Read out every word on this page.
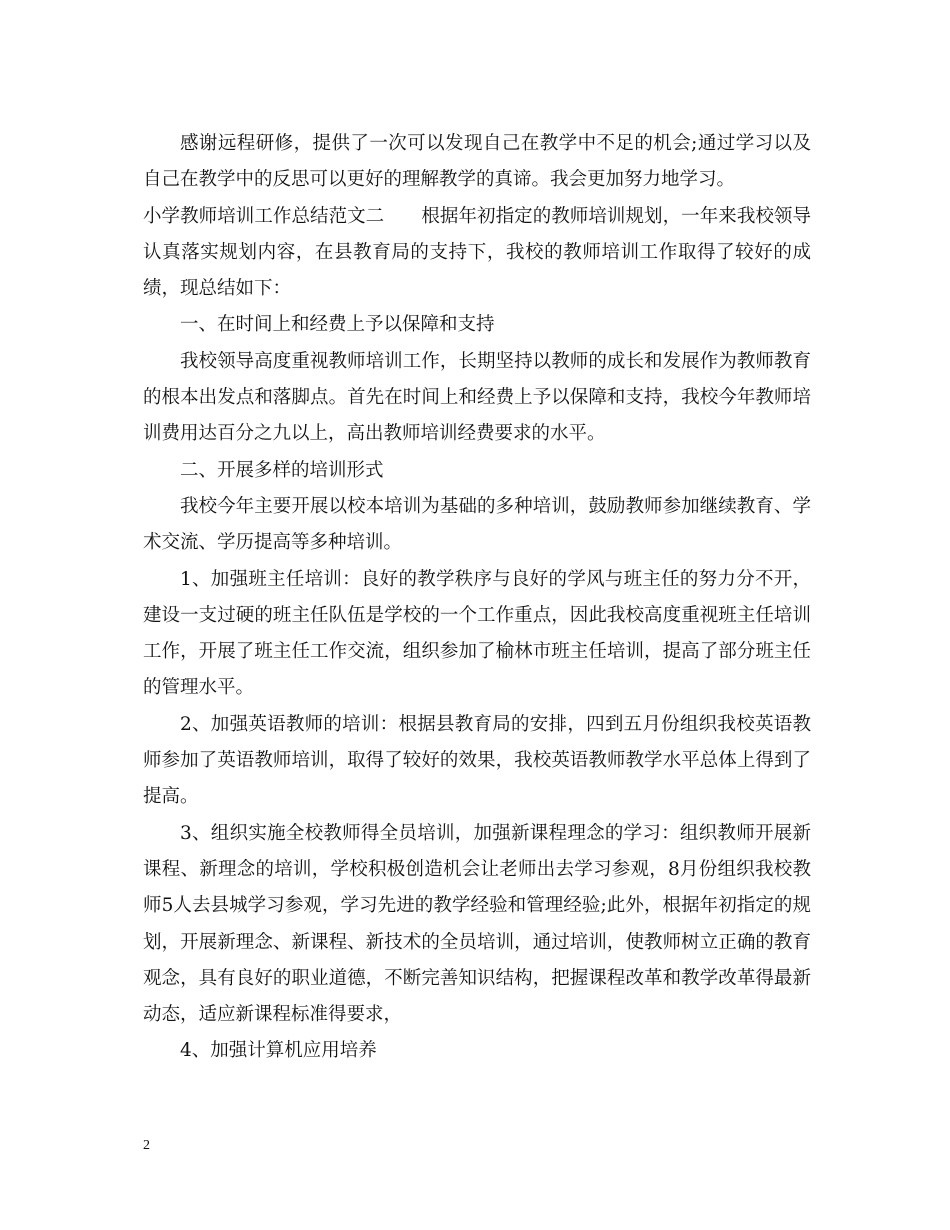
感谢远程研修，提供了一次可以发现自己在教学中不足的机会;通过学习以及自己在教学中的反思可以更好的理解教学的真谛。我会更加努力地学习。

小学教师培训工作总结范文二　　根据年初指定的教师培训规划，一年来我校领导认真落实规划内容，在县教育局的支持下，我校的教师培训工作取得了较好的成绩，现总结如下：

一、在时间上和经费上予以保障和支持

我校领导高度重视教师培训工作，长期坚持以教师的成长和发展作为教师教育的根本出发点和落脚点。首先在时间上和经费上予以保障和支持，我校今年教师培训费用达百分之九以上，高出教师培训经费要求的水平。

二、开展多样的培训形式

我校今年主要开展以校本培训为基础的多种培训，鼓励教师参加继续教育、学术交流、学历提高等多种培训。

1、加强班主任培训：良好的教学秩序与良好的学风与班主任的努力分不开，建设一支过硬的班主任队伍是学校的一个工作重点，因此我校高度重视班主任培训工作，开展了班主任工作交流，组织参加了榆林市班主任培训，提高了部分班主任的管理水平。

2、加强英语教师的培训：根据县教育局的安排，四到五月份组织我校英语教师参加了英语教师培训，取得了较好的效果，我校英语教师教学水平总体上得到了提高。

3、组织实施全校教师得全员培训，加强新课程理念的学习：组织教师开展新课程、新理念的培训，学校积极创造机会让老师出去学习参观，8月份组织我校教师5人去县城学习参观，学习先进的教学经验和管理经验;此外，根据年初指定的规划，开展新理念、新课程、新技术的全员培训，通过培训，使教师树立正确的教育观念，具有良好的职业道德，不断完善知识结构，把握课程改革和教学改革得最新动态，适应新课程标准得要求，

4、加强计算机应用培养

2
